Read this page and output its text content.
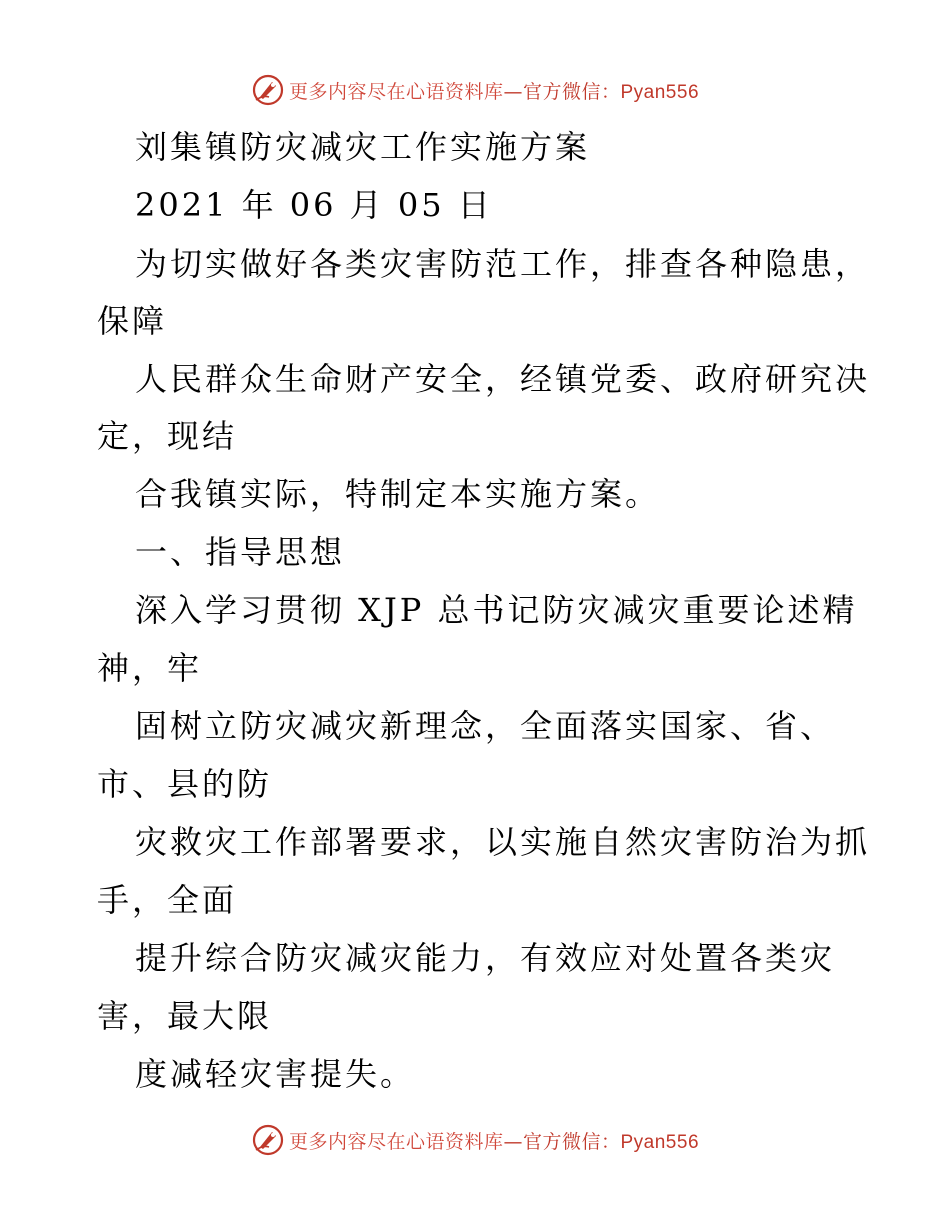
更多内容尽在心语资料库—官方微信：Pyan556

刘集镇防灾减灾工作实施方案

2021 年 06 月 05 日

为切实做好各类灾害防范工作，排查各种隐患，

保障

人民群众生命财产安全，经镇党委、政府研究决

定，现结

合我镇实际，特制定本实施方案。

一、指导思想

深入学习贯彻 XJP 总书记防灾减灾重要论述精

神，牢

固树立防灾减灾新理念，全面落实国家、省、

市、县的防

灾救灾工作部署要求，以实施自然灾害防治为抓

手，全面

提升综合防灾减灾能力，有效应对处置各类灾

害，最大限

度减轻灾害提失。

更多内容尽在心语资料库—官方微信：Pyan556
